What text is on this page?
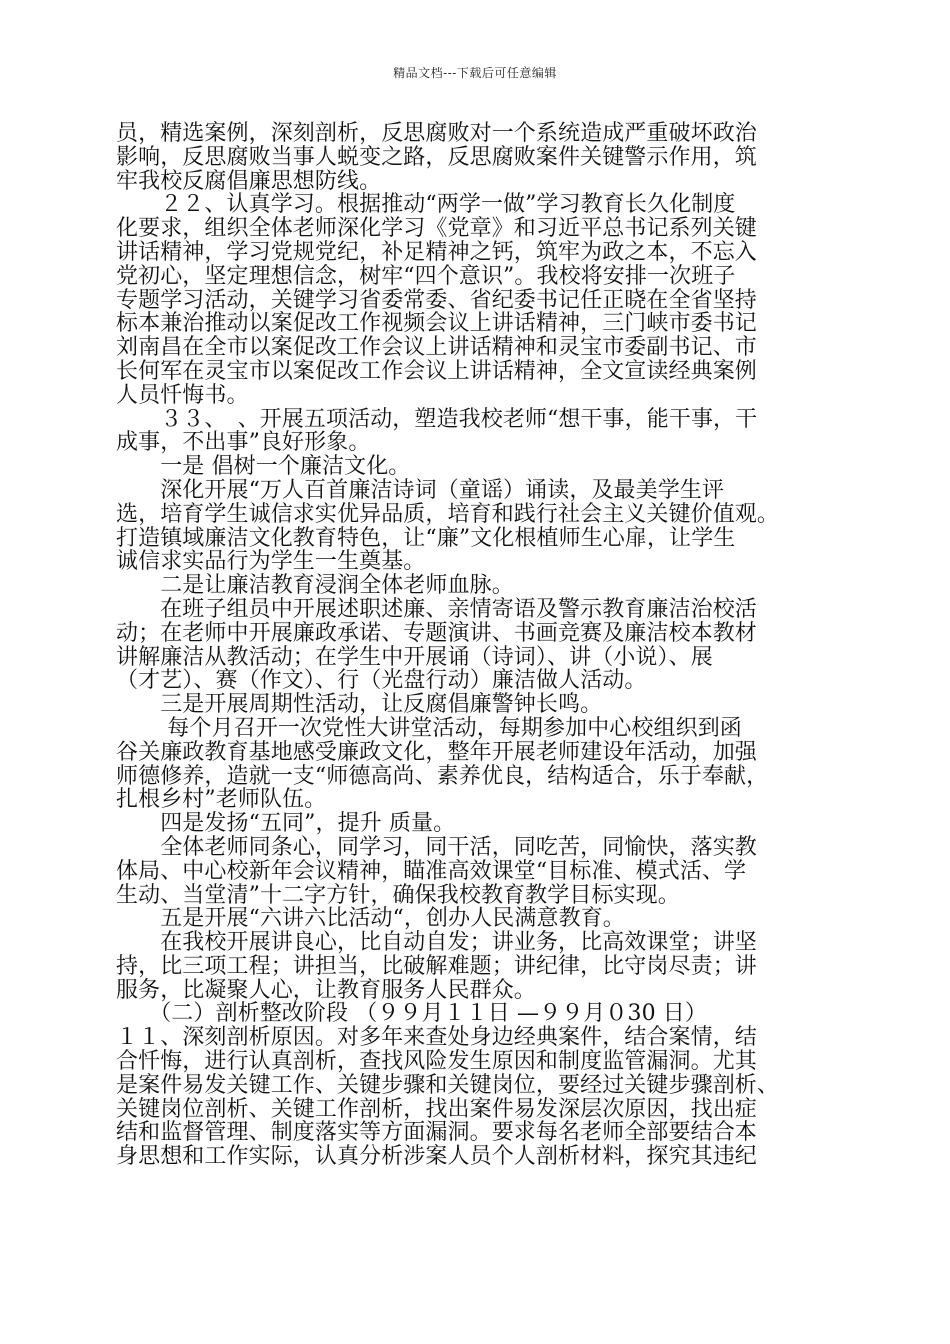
精品文档---下载后可任意编辑
员，精选案例，深刻剖析，反思腐败对一个系统造成严重破坏政治
影响，反思腐败当事人蜕变之路，反思腐败案件关键警示作用，筑
牢我校反腐倡廉思想防线。
　　２２、认真学习。根据推动“两学一做”学习教育长久化制度
化要求，组织全体老师深化学习《党章》和习近平总书记系列关键
讲话精神，学习党规党纪，补足精神之钙，筑牢为政之本，不忘入
党初心，坚定理想信念，树牢“四个意识”。我校将安排一次班子
专题学习活动，关键学习省委常委、省纪委书记任正晓在全省坚持
标本兼治推动以案促改工作视频会议上讲话精神，三门峡市委书记
刘南昌在全市以案促改工作会议上讲话精神和灵宝市委副书记、市
长何军在灵宝市以案促改工作会议上讲话精神，全文宣读经典案例
人员忏悔书。
　　３３、　、开展五项活动，塑造我校老师“想干事，能干事，干
成事，不出事”良好形象。
　　一是 倡树一个廉洁文化。
　　深化开展“万人百首廉洁诗词（童谣）诵读，及最美学生评
选，培育学生诚信求实优异品质，培育和践行社会主义关键价值观。
打造镇域廉洁文化教育特色，让“廉”文化根植师生心扉，让学生
诚信求实品行为学生一生奠基。
　　二是让廉洁教育浸润全体老师血脉。
　　在班子组员中开展述职述廉、亲情寄语及警示教育廉洁治校活
动；在老师中开展廉政承诺、专题演讲、书画竞赛及廉洁校本教材
讲解廉洁从教活动；在学生中开展诵（诗词）、讲（小说）、展
（才艺）、赛（作文）、行（光盘行动）廉洁做人活动。
　　三是开展周期性活动，让反腐倡廉警钟长鸣。
　　 每个月召开一次党性大讲堂活动，每期参加中心校组织到函
谷关廉政教育基地感受廉政文化，整年开展老师建设年活动，加强
师德修养，造就一支“师德高尚、素养优良，结构适合，乐于奉献，
扎根乡村”老师队伍。
　　四是发扬“五同”，提升 质量。
　　全体老师同条心，同学习，同干活，同吃苦，同愉快，落实教
体局、中心校新年会议精神，瞄准高效课堂“目标准、模式活、学
生动、当堂清”十二字方针，确保我校教育教学目标实现。
　　五是开展“六讲六比活动“，创办人民满意教育。
　　在我校开展讲良心，比自动自发；讲业务，比高效课堂；讲坚
持，比三项工程；讲担当，比破解难题；讲纪律，比守岗尽责；讲
服务，比凝聚人心，让教育服务人民群众。
　　（二）剖析整改阶段 （９９月１１日 —９９月０30 日）
１１、深刻剖析原因。对多年来查处身边经典案件，结合案情，结
合忏悔，进行认真剖析，查找风险发生原因和制度监管漏洞。尤其
是案件易发关键工作、关键步骤和关键岗位，要经过关键步骤剖析、
关键岗位剖析、关键工作剖析，找出案件易发深层次原因，找出症
结和监督管理、制度落实等方面漏洞。要求每名老师全部要结合本
身思想和工作实际，认真分析涉案人员个人剖析材料，探究其违纪
